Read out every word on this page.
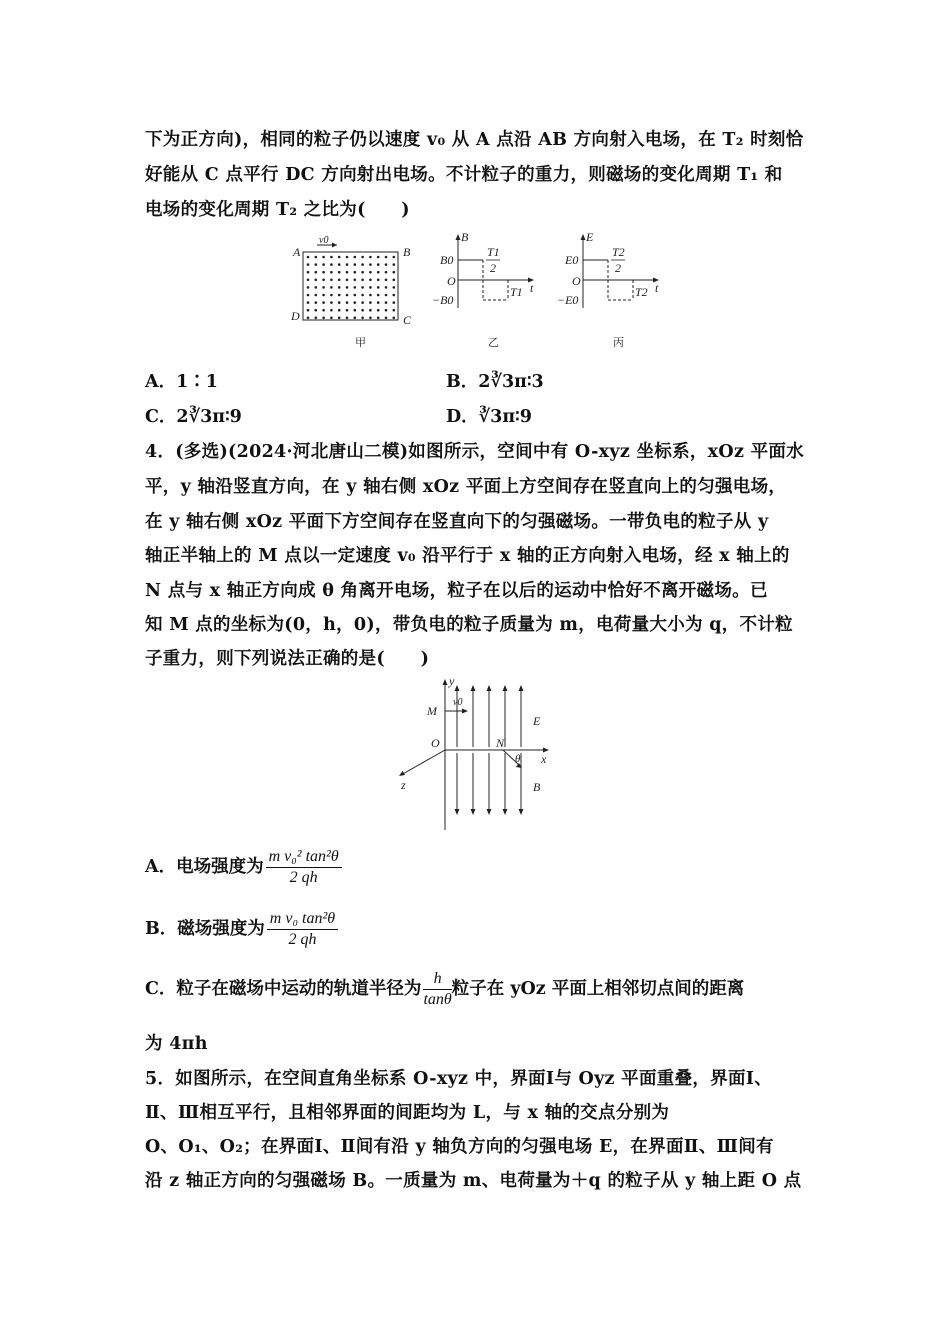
下为正方向)，相同的粒子仍以速度 v₀ 从 A 点沿 AB 方向射入电场，在 T₂ 时刻恰
好能从 C 点平行 DC 方向射出电场。不计粒子的重力，则磁场的变化周期 T₁ 和
电场的变化周期 T₂ 之比为(　　)
A	B
C
D
v0
甲
B
B0
O
−B0
T1
2
t
T1
乙
E
E0
O
−E0
T2
2
t
T2
丙
A．1∶1	B．2∛3π∶3
C．2∛3π∶9	D．∛3π∶9
4．(多选)(2024·河北唐山二模)如图所示，空间中有 O-xyz 坐标系，xOz 平面水
平，y 轴沿竖直方向，在 y 轴右侧 xOz 平面上方空间存在竖直向上的匀强电场，
在 y 轴右侧 xOz 平面下方空间存在竖直向下的匀强磁场。一带负电的粒子从 y
轴正半轴上的 M 点以一定速度 v₀ 沿平行于 x 轴的正方向射入电场，经 x 轴上的
N 点与 x 轴正方向成 θ 角离开电场，粒子在以后的运动中恰好不离开磁场。已
知 M 点的坐标为(0，h，0)，带负电的粒子质量为 m，电荷量大小为 q，不计粒
子重力，则下列说法正确的是(　　)
y
M
v0
O	N
θ x
z
E
B
A．电场强度为 $\frac{\text{m v₀² tan²θ}}{2 qh}$
B．磁场强度为 $\frac{\text{m v₀ tan²θ}}{2 qh}$
C．粒子在磁场中运动的轨道半径为 $\frac{h}{\tan\theta}$ 粒子在 yOz 平面上相邻切点间的距离
为 4πh
5．如图所示，在空间直角坐标系 O-xyz 中，界面Ⅰ与 Oyz 平面重叠，界面Ⅰ、
Ⅱ、Ⅲ相互平行，且相邻界面的间距均为 L，与 x 轴的交点分别为
O、O₁、O₂；在界面Ⅰ、Ⅱ间有沿 y 轴负方向的匀强电场 E，在界面Ⅱ、Ⅲ间有
沿 z 轴正方向的匀强磁场 B。一质量为 m、电荷量为＋q 的粒子从 y 轴上距 O 点
